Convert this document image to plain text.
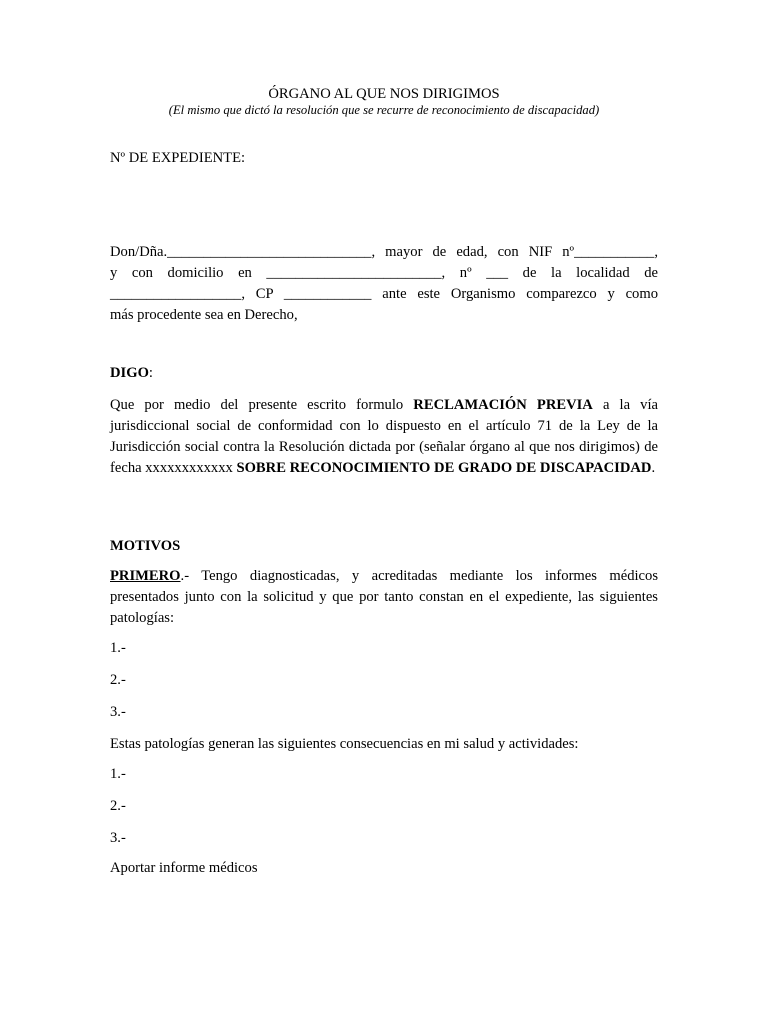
ÓRGANO AL QUE NOS DIRIGIMOS
(El mismo que dictó la resolución que se recurre de reconocimiento de discapacidad)
Nº DE EXPEDIENTE:
Don/Dña.____________________________, mayor de edad, con NIF nº___________,
y con domicilio en ________________________, nº ___ de la localidad de
__________________, CP ____________ ante este Organismo comparezco y como
más procedente sea en Derecho,
DIGO:
Que por medio del presente escrito formulo RECLAMACIÓN PREVIA a la vía jurisdiccional social de conformidad con lo dispuesto en el artículo 71 de la Ley de la Jurisdicción social contra la Resolución dictada por (señalar órgano al que nos dirigimos) de fecha xxxxxxxxxxxx SOBRE RECONOCIMIENTO DE GRADO DE DISCAPACIDAD.
MOTIVOS
PRIMERO.- Tengo diagnosticadas, y acreditadas mediante los informes médicos presentados junto con la solicitud y que por tanto constan en el expediente, las siguientes patologías:
1.-
2.-
3.-
Estas patologías generan las siguientes consecuencias en mi salud y actividades:
1.-
2.-
3.-
Aportar informe médicos
